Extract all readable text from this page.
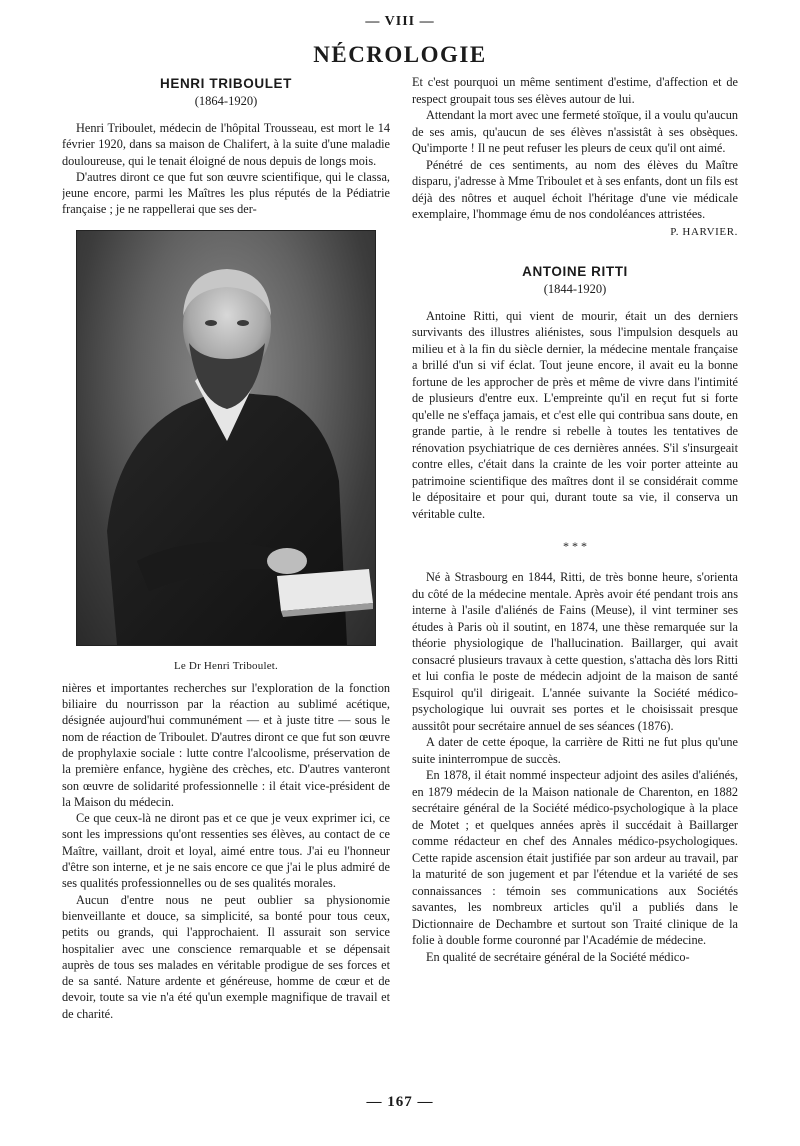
— VIII —
NÉCROLOGIE
HENRI TRIBOULET
(1864-1920)

Henri Triboulet, médecin de l'hôpital Trousseau, est mort le 14 février 1920, dans sa maison de Chalifert, à la suite d'une maladie douloureuse, qui le tenait éloigné de nous depuis de longs mois.

D'autres diront ce que fut son œuvre scientifique, qui le classa, jeune encore, parmi les Maîtres les plus réputés de la Pédiatrie française ; je ne rappellerai que ses der-

Le Dr Henri Triboulet.

nières et importantes recherches sur l'exploration de la fonction biliaire du nourrisson par la réaction au sublimé acétique, désignée aujourd'hui communément — et à juste titre — sous le nom de réaction de Triboulet. D'autres diront ce que fut son œuvre de prophylaxie sociale : lutte contre l'alcoolisme, préservation de la première enfance, hygiène des crèches, etc. D'autres vanteront son œuvre de solidarité professionnelle : il était vice-président de la Maison du médecin.

Ce que ceux-là ne diront pas et ce que je veux exprimer ici, ce sont les impressions qu'ont ressenties ses élèves, au contact de ce Maître, vaillant, droit et loyal, aimé entre tous. J'ai eu l'honneur d'être son interne, et je ne sais encore ce que j'ai le plus admiré de ses qualités professionnelles ou de ses qualités morales.

Aucun d'entre nous ne peut oublier sa physionomie bienveillante et douce, sa simplicité, sa bonté pour tous ceux, petits ou grands, qui l'approchaient. Il assurait son service hospitalier avec une conscience remarquable et se dépensait auprès de tous ses malades en véritable prodigue de ses forces et de sa santé. Nature ardente et généreuse, homme de cœur et de devoir, toute sa vie n'a été qu'un exemple magnifique de travail et de charité.

Et c'est pourquoi un même sentiment d'estime, d'affection et de respect groupait tous ses élèves autour de lui.

Attendant la mort avec une fermeté stoïque, il a voulu qu'aucun de ses amis, qu'aucun de ses élèves n'assistât à ses obsèques. Qu'importe ! Il ne peut refuser les pleurs de ceux qu'il ont aimé.

Pénétré de ces sentiments, au nom des élèves du Maître disparu, j'adresse à Mme Triboulet et à ses enfants, dont un fils est déjà des nôtres et auquel échoit l'héritage d'une vie médicale exemplaire, l'hommage ému de nos condoléances attristées.

P. HARVIER.
ANTOINE RITTI
(1844-1920)

Antoine Ritti, qui vient de mourir, était un des derniers survivants des illustres aliénistes, sous l'impulsion desquels au milieu et à la fin du siècle dernier, la médecine mentale française a brillé d'un si vif éclat. Tout jeune encore, il avait eu la bonne fortune de les approcher de près et même de vivre dans l'intimité de plusieurs d'entre eux. L'empreinte qu'il en reçut fut si forte qu'elle ne s'effaça jamais, et c'est elle qui contribua sans doute, en grande partie, à le rendre si rebelle à toutes les tentatives de rénovation psychiatrique de ces dernières années. S'il s'insurgeait contre elles, c'était dans la crainte de les voir porter atteinte au patrimoine scientifique des maîtres dont il se considérait comme le dépositaire et pour qui, durant toute sa vie, il conserva un véritable culte.

* * *

Né à Strasbourg en 1844, Ritti, de très bonne heure, s'orienta du côté de la médecine mentale. Après avoir été pendant trois ans interne à l'asile d'aliénés de Fains (Meuse), il vint terminer ses études à Paris où il soutint, en 1874, une thèse remarquée sur la théorie physiologique de l'hallucination. Baillarger, qui avait consacré plusieurs travaux à cette question, s'attacha dès lors Ritti et lui confia le poste de médecin adjoint de la maison de santé Esquirol qu'il dirigeait. L'année suivante la Société médico-psychologique lui ouvrait ses portes et le choisissait presque aussitôt pour secrétaire annuel de ses séances (1876).

A dater de cette époque, la carrière de Ritti ne fut plus qu'une suite ininterrompue de succès.

En 1878, il était nommé inspecteur adjoint des asiles d'aliénés, en 1879 médecin de la Maison nationale de Charenton, en 1882 secrétaire général de la Société médico-psychologique à la place de Motet ; et quelques années après il succédait à Baillarger comme rédacteur en chef des Annales médico-psychologiques. Cette rapide ascension était justifiée par son ardeur au travail, par la maturité de son jugement et par l'étendue et la variété de ses connaissances : témoin ses communications aux Sociétés savantes, les nombreux articles qu'il a publiés dans le Dictionnaire de Dechambre et surtout son Traité clinique de la folie à double forme couronné par l'Académie de médecine.

En qualité de secrétaire général de la Société médico-

— 167 —
